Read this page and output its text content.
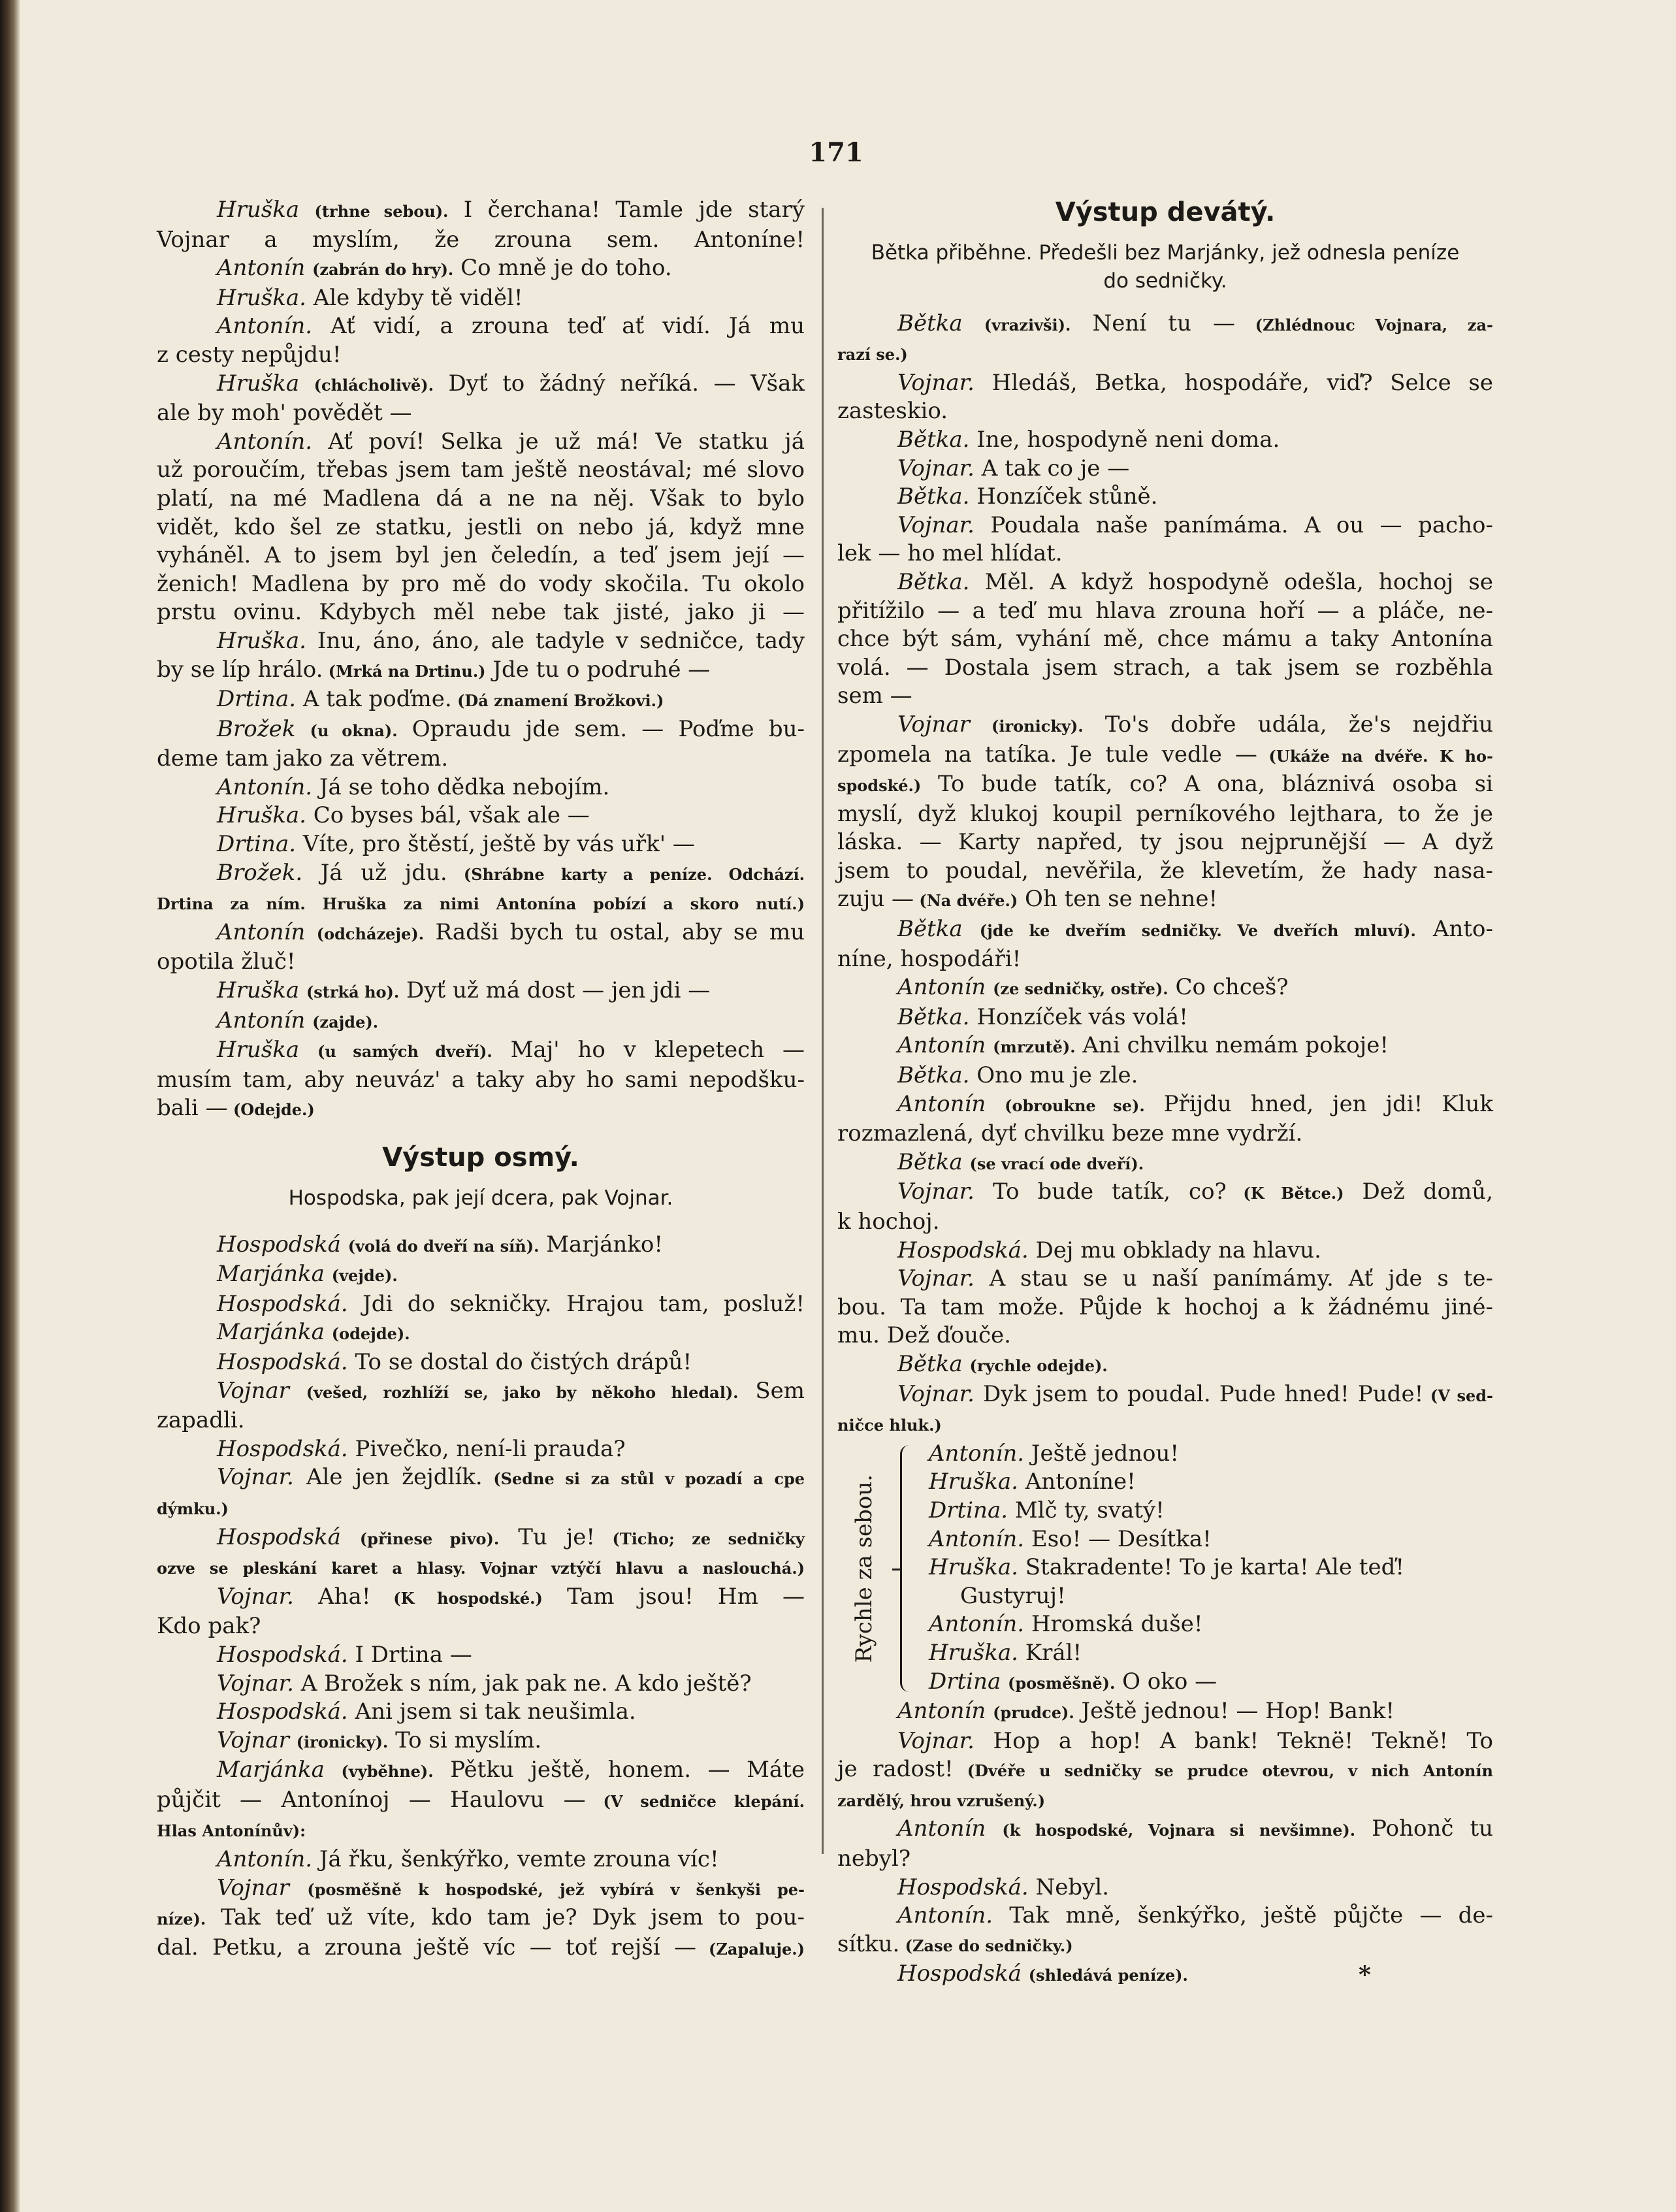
171
Hruška (trhne sebou). I čerchana! Tamle jde starý
Vojnar a myslím, že zrouna sem. Antoníne!
Antonín (zabrán do hry). Co mně je do toho.
Hruška. Ale kdyby tě viděl!
Antonín. Ať vidí, a zrouna teď ať vidí. Já mu
z cesty nepůjdu!
Hruška (chlácholivě). Dyť to žádný neříká. — Však
ale by moh' povědět —
Antonín. Ať poví! Selka je už má! Ve statku já
už poroučím, třebas jsem tam ještě neostával; mé slovo
platí, na mé Madlena dá a ne na něj. Však to bylo
vidět, kdo šel ze statku, jestli on nebo já, když mne
vyháněl. A to jsem byl jen čeledín, a teď jsem její —
ženich! Madlena by pro mě do vody skočila. Tu okolo
prstu ovinu. Kdybych měl nebe tak jisté, jako ji —
Hruška. Inu, áno, áno, ale tadyle v sedničce, tady
by se líp hrálo. (Mrká na Drtinu.) Jde tu o podruhé —
Drtina. A tak poďme. (Dá znamení Brožkovi.)
Brožek (u okna). Opraudu jde sem. — Poďme bu-
deme tam jako za větrem.
Antonín. Já se toho dědka nebojím.
Hruška. Co byses bál, však ale —
Drtina. Víte, pro štěstí, ještě by vás uřk' —
Brožek. Já už jdu. (Shrábne karty a peníze. Odchází.
Drtina za ním. Hruška za nimi Antonína pobízí a skoro nutí.)
Antonín (odcházeje). Radši bych tu ostal, aby se mu
opotila žluč!
Hruška (strká ho). Dyť už má dost — jen jdi —
Antonín (zajde).
Hruška (u samých dveří). Maj' ho v klepetech —
musím tam, aby neuváz' a taky aby ho sami nepodšku-
bali — (Odejde.)
Výstup osmý.
Hospodska, pak její dcera, pak Vojnar.
Hospodská (volá do dveří na síň). Marjánko!
Marjánka (vejde).
Hospodská. Jdi do sekničky. Hrajou tam, posluž!
Marjánka (odejde).
Hospodská. To se dostal do čistých drápů!
Vojnar (vešed, rozhlíží se, jako by někoho hledal). Sem
zapadli.
Hospodská. Pivečko, není-li prauda?
Vojnar. Ale jen žejdlík. (Sedne si za stůl v pozadí a cpe
dýmku.)
Hospodská (přinese pivo). Tu je! (Ticho; ze sedničky
ozve se pleskání karet a hlasy. Vojnar vztýčí hlavu a naslouchá.)
Vojnar. Aha! (K hospodské.) Tam jsou! Hm —
Kdo pak?
Hospodská. I Drtina —
Vojnar. A Brožek s ním, jak pak ne. A kdo ještě?
Hospodská. Ani jsem si tak neušimla.
Vojnar (ironicky). To si myslím.
Marjánka (vyběhne). Pětku ještě, honem. — Máte
půjčit — Antonínoj — Haulovu — (V sedničce klepání.
Hlas Antonínův):
Antonín. Já řku, šenkýřko, vemte zrouna víc!
Vojnar (posměšně k hospodské, jež vybírá v šenkyši pe-
níze). Tak teď už víte, kdo tam je? Dyk jsem to pou-
dal. Petku, a zrouna ještě víc — toť rejší — (Zapaluje.)
Výstup devátý.
Bětka přiběhne. Předešli bez Marjánky, jež odnesla peníze
do sedničky.
Bětka (vrazivši). Není tu — (Zhlédnouc Vojnara, za-
razí se.)
Vojnar. Hledáš, Betka, hospodáře, viď? Selce se
zasteskio.
Bětka. Ine, hospodyně neni doma.
Vojnar. A tak co je —
Bětka. Honzíček stůně.
Vojnar. Poudala naše panímáma. A ou — pacho-
lek — ho mel hlídat.
Bětka. Měl. A když hospodyně odešla, hochoj se
přitížilo — a teď mu hlava zrouna hoří — a pláče, ne-
chce být sám, vyhání mě, chce mámu a taky Antonína
volá. — Dostala jsem strach, a tak jsem se rozběhla
sem —
Vojnar (ironicky). To's dobře udála, že's nejdřiu
zpomela na tatíka. Je tule vedle — (Ukáže na dvéře. K ho-
spodské.) To bude tatík, co? A ona, bláznivá osoba si
myslí, dyž klukoj koupil perníkového lejthara, to že je
láska. — Karty napřed, ty jsou nejprunější — A dyž
jsem to poudal, nevěřila, že klevetím, že hady nasa-
zuju — (Na dvéře.) Oh ten se nehne!
Bětka (jde ke dveřím sedničky. Ve dveřích mluví). Anto-
níne, hospodáři!
Antonín (ze sedničky, ostře). Co chceš?
Bětka. Honzíček vás volá!
Antonín (mrzutě). Ani chvilku nemám pokoje!
Bětka. Ono mu je zle.
Antonín (obrouknе se). Přijdu hned, jen jdi! Kluk
rozmazlená, dyť chvilku beze mne vydrží.
Bětka (se vrací ode dveří).
Vojnar. To bude tatík, co? (K Bětce.) Dež domů,
k hochoj.
Hospodská. Dej mu obklady na hlavu.
Vojnar. A stau se u naší panímámy. Ať jde s te-
bou. Ta tam može. Půjde k hochoj a k žádnému jiné-
mu. Dež ďouče.
Bětka (rychle odejde).
Vojnar. Dyk jsem to poudal. Pude hned! Pude! (V sed-
ničce hluk.)
Rychle za sebou.
Antonín. Ještě jednou!
Hruška. Antoníne!
Drtina. Mlč ty, svatý!
Antonín. Eso! — Desítka!
Hruška. Stakradente! To je karta! Ale teď!
Gustyruj!
Antonín. Hromská duše!
Hruška. Král!
Drtina (posměšně). O oko —
Antonín (prudce). Ještě jednou! — Hop! Bank!
Vojnar. Hop a hop! A bank! Teknë! Tekně! To
je radost! (Dvéře u sedničky se prudce otevrou, v nich Antonín
zardělý, hrou vzrušený.)
Antonín (k hospodské, Vojnara si nevšimne). Pohonč tu
nebyl?
Hospodská. Nebyl.
Antonín. Tak mně, šenkýřko, ještě půjčte — de-
sítku. (Zase do sedničky.)
Hospodská (shledává peníze).	*
